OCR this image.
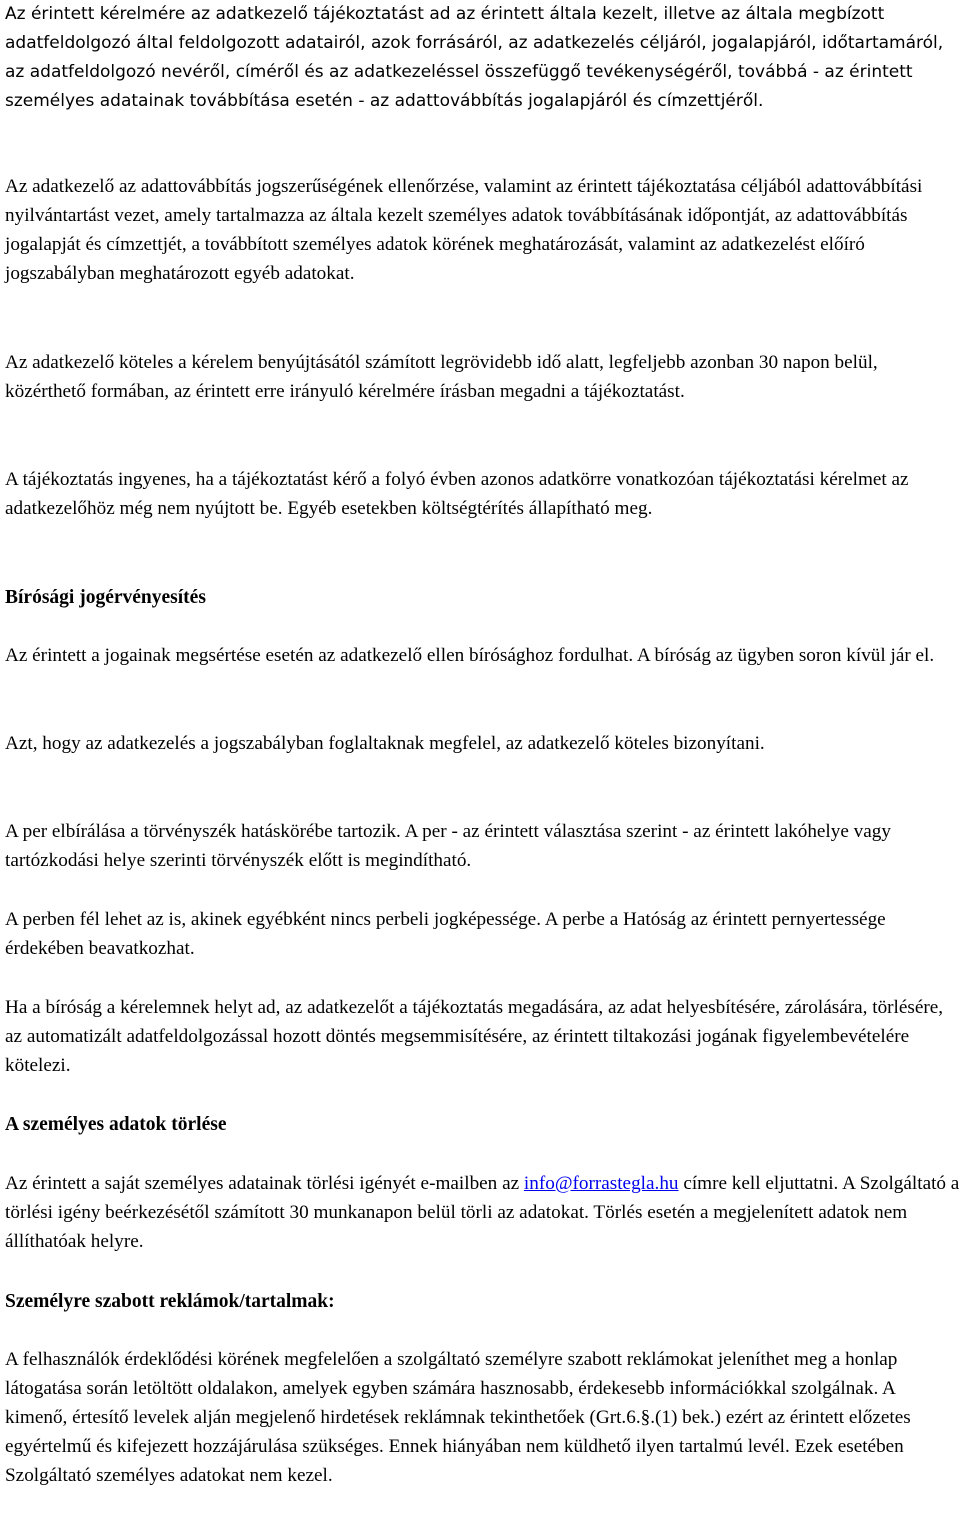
Az érintett kérelmére az adatkezelő tájékoztatást ad az érintett általa kezelt, illetve az általa megbízott adatfeldolgozó által feldolgozott adatairól, azok forrásáról, az adatkezelés céljáról, jogalapjáról, időtartamáról, az adatfeldolgozó nevéről, címéről és az adatkezeléssel összefüggő tevékenységéről, továbbá - az érintett személyes adatainak továbbítása esetén - az adattovábbítás jogalapjáról és címzettjéről.

Az adatkezelő az adattovábbítás jogszerűségének ellenőrzése, valamint az érintett tájékoztatása céljából adattovábbítási nyilvántartást vezet, amely tartalmazza az általa kezelt személyes adatok továbbításának időpontját, az adattovábbítás jogalapját és címzettjét, a továbbított személyes adatok körének meghatározását, valamint az adatkezelést előíró jogszabályban meghatározott egyéb adatokat.

Az adatkezelő köteles a kérelem benyújtásától számított legrövidebb idő alatt, legfeljebb azonban 30 napon belül, közérthető formában, az érintett erre irányuló kérelmére írásban megadni a tájékoztatást.

A tájékoztatás ingyenes, ha a tájékoztatást kérő a folyó évben azonos adatkörre vonatkozóan tájékoztatási kérelmet az adatkezelőhöz még nem nyújtott be. Egyéb esetekben költségtérítés állapítható meg.

Bírósági jogérvényesítés

Az érintett a jogainak megsértése esetén az adatkezelő ellen bírósághoz fordulhat. A bíróság az ügyben soron kívül jár el.

Azt, hogy az adatkezelés a jogszabályban foglaltaknak megfelel, az adatkezelő köteles bizonyítani.

A per elbírálása a törvényszék hatáskörébe tartozik. A per - az érintett választása szerint - az érintett lakóhelye vagy tartózkodási helye szerinti törvényszék előtt is megindítható.

A perben fél lehet az is, akinek egyébként nincs perbeli jogképessége. A perbe a Hatóság az érintett pernyertessége érdekében beavatkozhat.

Ha a bíróság a kérelemnek helyt ad, az adatkezelőt a tájékoztatás megadására, az adat helyesbítésére, zárolására, törlésére, az automatizált adatfeldolgozással hozott döntés megsemmisítésére, az érintett tiltakozási jogának figyelembevételére kötelezi.

A személyes adatok törlése

Az érintett a saját személyes adatainak törlési igényét e-mailben az info@forrastegla.hu címre kell eljuttatni. A Szolgáltató a törlési igény beérkezésétől számított 30 munkanapon belül törli az adatokat. Törlés esetén a megjelenített adatok nem állíthatóak helyre.

Személyre szabott reklámok/tartalmak:

A felhasználók érdeklődési körének megfelelően a szolgáltató személyre szabott reklámokat jeleníthet meg a honlap látogatása során letöltött oldalakon, amelyek egyben számára hasznosabb, érdekesebb információkkal szolgálnak. A kimenő, értesítő levelek alján megjelenő hirdetések reklámnak tekinthetőek (Grt.6.§.(1) bek.) ezért az érintett előzetes egyértelmű és kifejezett hozzájárulása szükséges. Ennek hiányában nem küldhető ilyen tartalmú levél. Ezek esetében Szolgáltató személyes adatokat nem kezel.
